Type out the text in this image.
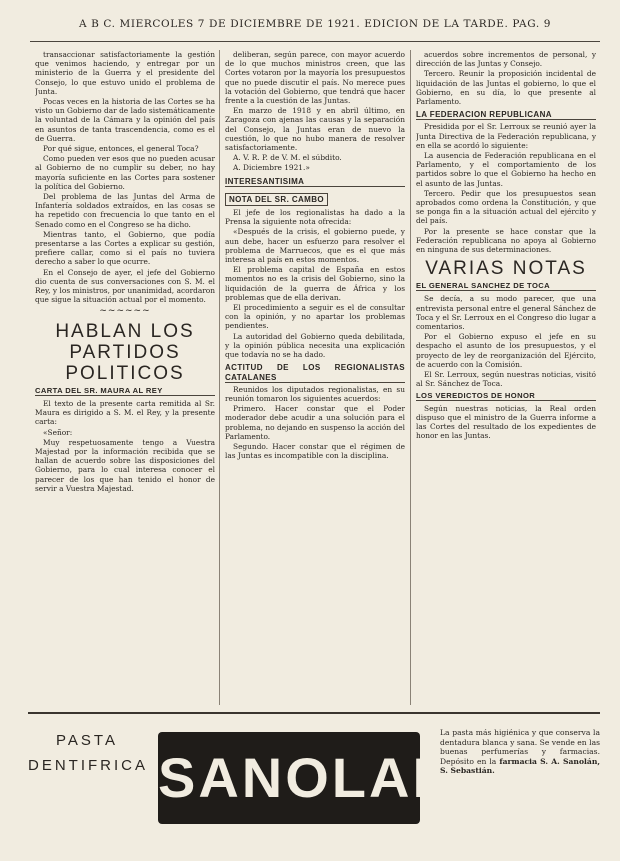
A B C. MIERCOLES 7 DE DICIEMBRE DE 1921. EDICION DE LA TARDE. PAG. 9

transaccionar satisfactoriamente la gestión que venimos haciendo, y entregar por un ministerio de la Guerra y el presidente del Consejo, lo que estuvo unido el problema de Junta.

Pocas veces en la historia de las Cortes se ha visto un Gobierno dar de lado sistemáticamente la voluntad de la Cámara y la opinión del país en asuntos de tanta trascendencia, como es el de Guerra.

Por qué sigue, entonces, el general Toca?

Como pueden ver esos que no pueden acusar al Gobierno de no cumplir su deber, no hay mayoría suficiente en las Cortes para sostener la política del Gobierno.

Del problema de las Juntas del Arma de Infantería soldados extraídos, en las cosas se ha repetido con frecuencia lo que tanto en el Senado como en el Congreso se ha dicho.

Mientras tanto, el Gobierno, que podía presentarse a las Cortes a explicar su gestión, prefiere callar, como si el país no tuviera derecho a saber lo que ocurre.

En el Consejo de ayer, el jefe del Gobierno dio cuenta de sus conversaciones con S. M. el Rey, y los ministros, por unanimidad, acordaron que sigue la situación actual por el momento.

~~~~~~
HABLAN LOS PARTIDOS POLITICOS
CARTA DEL SR. MAURA AL REY

El texto de la presente carta remitida al Sr. Maura es dirigido a S. M. el Rey, y la presente carta:

«Señor:

Muy respetuosamente tengo a Vuestra Majestad por la información recibida que se hallan de acuerdo sobre las disposiciones del Gobierno, para lo cual interesa conocer el parecer de los que han tenido el honor de servir a Vuestra Majestad.

deliberan, según parece, con mayor acuerdo de lo que muchos ministros creen, que las Cortes votaron por la mayoría los presupuestos que no puede discutir el país. No merece pues la votación del Gobierno, que tendrá que hacer frente a la cuestión de las Juntas.

En marzo de 1918 y en abril último, en Zaragoza con ajenas las causas y la separación del Consejo, la Juntas eran de nuevo la cuestión, lo que no hubo manera de resolver satisfactoriamente.

A. V. R. P. de V. M. el súbdito.

A. Diciembre 1921.»

INTERESANTISIMA
NOTA DEL SR. CAMBO

El jefe de los regionalistas ha dado a la Prensa la siguiente nota ofrecida:

«Después de la crisis, el gobierno puede, y aun debe, hacer un esfuerzo para resolver el problema de Marruecos, que es el que más interesa al país en estos momentos.

El problema capital de España en estos momentos no es la crisis del Gobierno, sino la liquidación de la guerra de África y los problemas que de ella derivan.

El procedimiento a seguir es el de consultar con la opinión, y no apartar los problemas pendientes.

La autoridad del Gobierno queda debilitada, y la opinión pública necesita una explicación que todavía no se ha dado.

ACTITUD DE LOS REGIONALISTAS CATALANES

Reunidos los diputados regionalistas, en su reunión tomaron los siguientes acuerdos:

Primero. Hacer constar que el Poder moderador debe acudir a una solución para el problema, no dejando en suspenso la acción del Parlamento.

Segundo. Hacer constar que el régimen de las Juntas es incompatible con la disciplina.

acuerdos sobre incrementos de personal, y dirección de las Juntas y Consejo.

Tercero. Reunir la proposición incidental de liquidación de las Juntas el gobierno, lo que el Gobierno, en su día, lo que presente al Parlamento.

LA FEDERACION REPUBLICANA

Presidida por el Sr. Lerroux se reunió ayer la Junta Directiva de la Federación republicana, y en ella se acordó lo siguiente:

La ausencia de Federación republicana en el Parlamento, y el comportamiento de los partidos sobre lo que el Gobierno ha hecho en el asunto de las Juntas.

Tercero. Pedir que los presupuestos sean aprobados como ordena la Constitución, y que se ponga fin a la situación actual del ejército y del país.

Por la presente se hace constar que la Federación republicana no apoya al Gobierno en ninguna de sus determinaciones.

VARIAS NOTAS
EL GENERAL SANCHEZ DE TOCA

Se decía, a su modo parecer, que una entrevista personal entre el general Sánchez de Toca y el Sr. Lerroux en el Congreso dio lugar a comentarios.

Por el Gobierno expuso el jefe en su despacho el asunto de los presupuestos, y el proyecto de ley de reorganización del Ejército, de acuerdo con la Comisión.

El Sr. Lerroux, según nuestras noticias, visitó al Sr. Sánchez de Toca.

LOS VEREDICTOS DE HONOR

Según nuestras noticias, la Real orden dispuso que el ministro de la Guerra informe a las Cortes del resultado de los expedientes de honor en las Juntas.

PASTA
DENTIFRICA SANOLAN
La pasta más higiénica y que conserva la dentadura blanca y sana. Se vende en las buenas perfumerías y farmacias. Depósito en la farmacia S. A. Sanolán, S. Sebastián.
